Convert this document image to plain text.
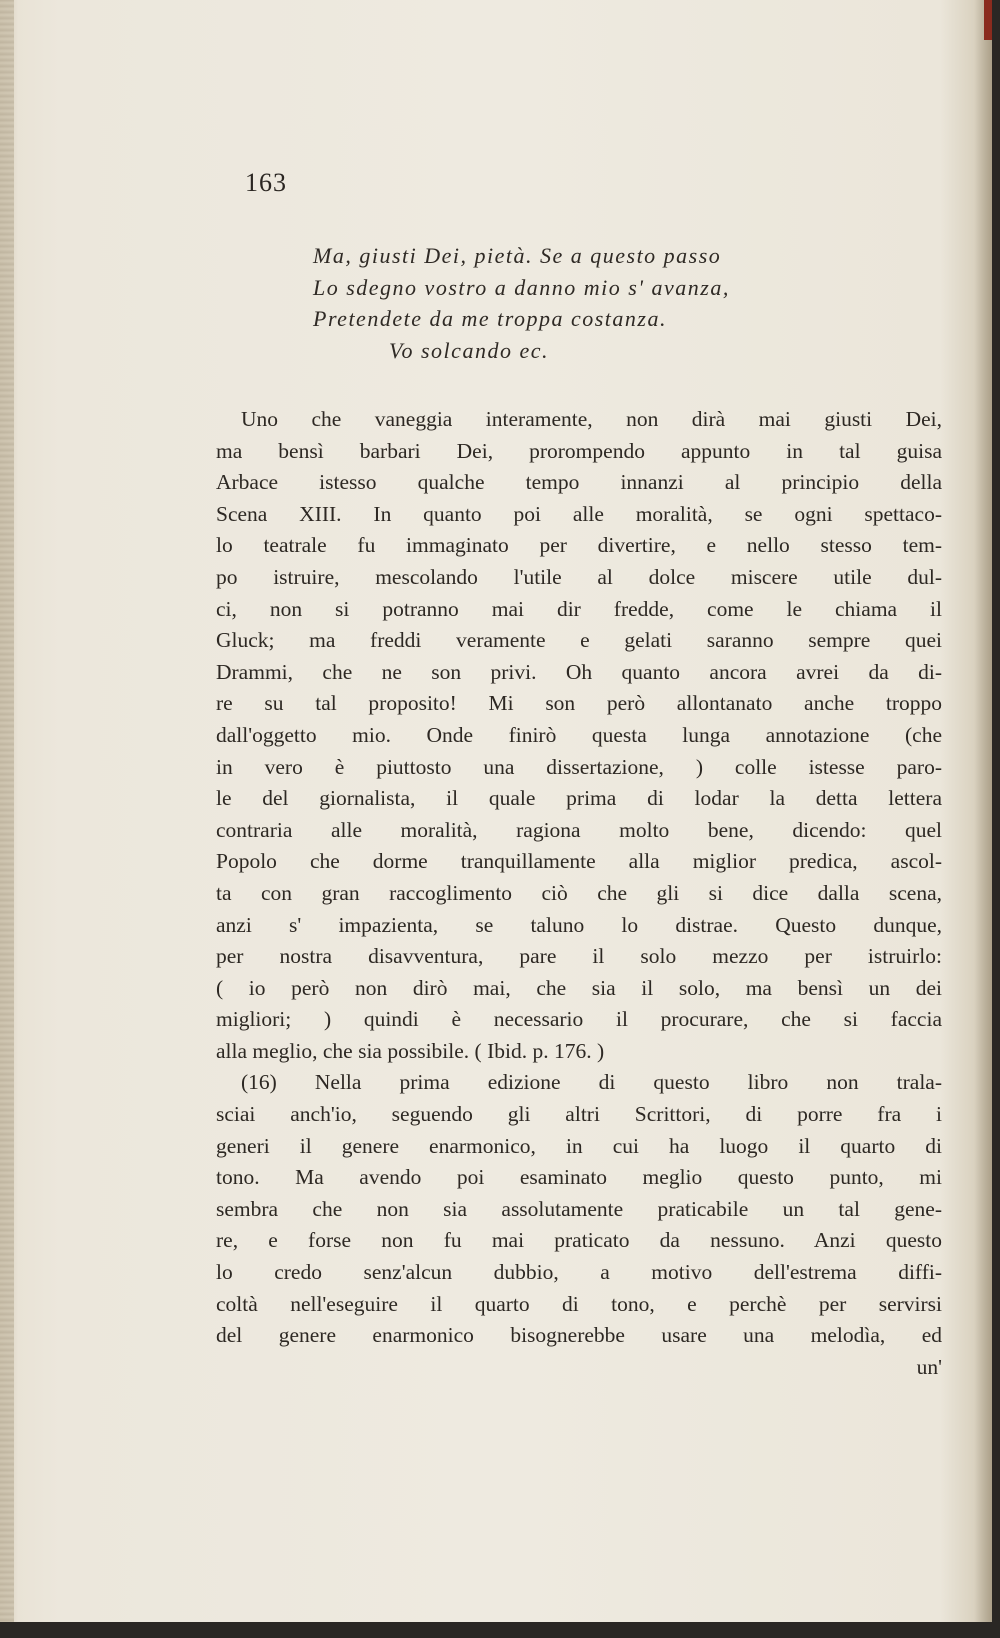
163
Ma, giusti Dei, pietà. Se a questo passo
Lo sdegno vostro a danno mio s' avanza,
Pretendete da me troppa costanza.
Vo solcando ec.
Uno che vaneggia interamente, non dirà mai giusti Dei,
ma bensì barbari Dei, prorompendo appunto in tal guisa
Arbace istesso qualche tempo innanzi al principio della
Scena XIII. In quanto poi alle moralità, se ogni spettaco-
lo teatrale fu immaginato per divertire, e nello stesso tem-
po istruire, mescolando l'utile al dolce miscere utile dul-
ci, non si potranno mai dir fredde, come le chiama il
Gluck; ma freddi veramente e gelati saranno sempre quei
Drammi, che ne son privi. Oh quanto ancora avrei da di-
re su tal proposito! Mi son però allontanato anche troppo
dall'oggetto mio. Onde finirò questa lunga annotazione (che
in vero è piuttosto una dissertazione, ) colle istesse paro-
le del giornalista, il quale prima di lodar la detta lettera
contraria alle moralità, ragiona molto bene, dicendo: quel
Popolo che dorme tranquillamente alla miglior predica, ascol-
ta con gran raccoglimento ciò che gli si dice dalla scena,
anzi s' impazienta, se taluno lo distrae. Questo dunque,
per nostra disavventura, pare il solo mezzo per istruirlo:
( io però non dirò mai, che sia il solo, ma bensì un dei
migliori; ) quindi è necessario il procurare, che si faccia
alla meglio, che sia possibile. ( Ibid. p. 176. )
(16) Nella prima edizione di questo libro non trala-
sciai anch'io, seguendo gli altri Scrittori, di porre fra i
generi il genere enarmonico, in cui ha luogo il quarto di
tono. Ma avendo poi esaminato meglio questo punto, mi
sembra che non sia assolutamente praticabile un tal gene-
re, e forse non fu mai praticato da nessuno. Anzi questo
lo credo senz'alcun dubbio, a motivo dell'estrema diffi-
coltà nell'eseguire il quarto di tono, e perchè per servirsi
del genere enarmonico bisognerebbe usare una melodìa, ed
un'
